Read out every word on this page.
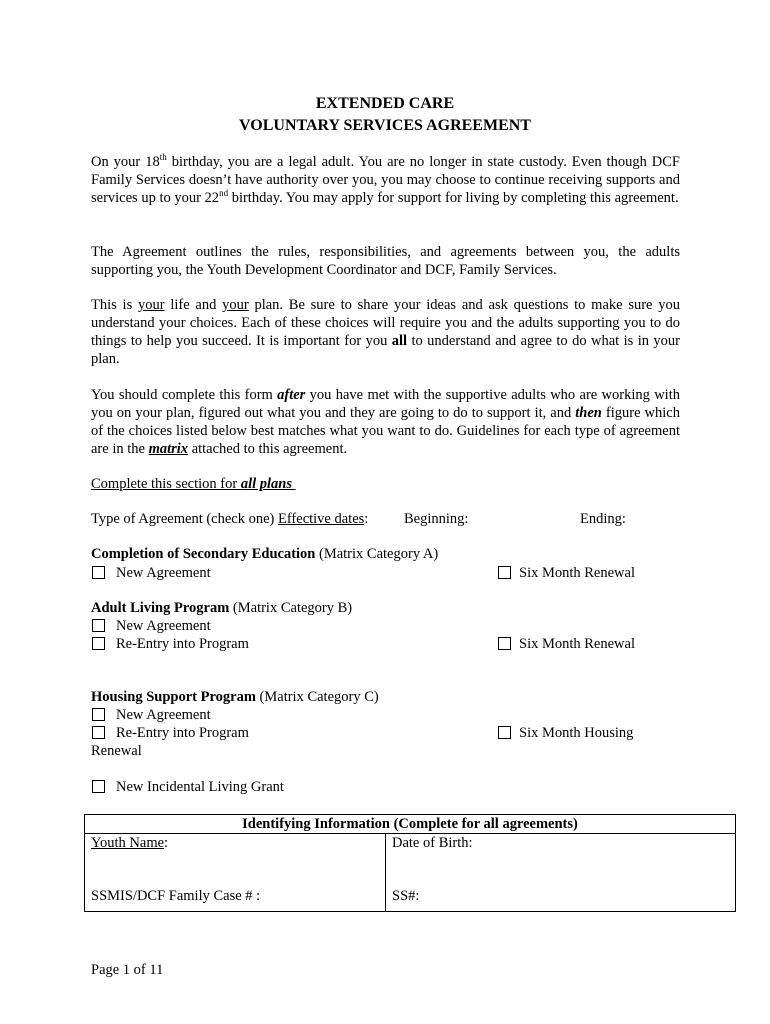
EXTENDED CARE
VOLUNTARY SERVICES AGREEMENT

On your 18th birthday, you are a legal adult. You are no longer in state custody. Even though DCF Family Services doesn’t have authority over you, you may choose to continue receiving supports and services up to your 22nd birthday. You may apply for support for living by completing this agreement.

The Agreement outlines the rules, responsibilities, and agreements between you, the adults supporting you, the Youth Development Coordinator and DCF, Family Services.

This is your life and your plan. Be sure to share your ideas and ask questions to make sure you understand your choices. Each of these choices will require you and the adults supporting you to do things to help you succeed. It is important for you all to understand and agree to do what is in your plan.

You should complete this form after you have met with the supportive adults who are working with you on your plan, figured out what you and they are going to do to support it, and then figure which of the choices listed below best matches what you want to do. Guidelines for each type of agreement are in the matrix attached to this agreement.

Complete this section for all plans
Type of Agreement (check one) Effective dates: Beginning:	Ending:
Completion of Secondary Education (Matrix Category A)
New Agreement	Six Month Renewal
Adult Living Program (Matrix Category B)
New Agreement
Re-Entry into Program	Six Month Renewal
Housing Support Program (Matrix Category C)
New Agreement
Re-Entry into Program
Renewal
Six Month Housing
New Incidental Living Grant
Identifying Information (Complete for all agreements)
Youth Name:	Date of Birth:
SSMIS/DCF Family Case # :	SS#:
Page 1 of 11
